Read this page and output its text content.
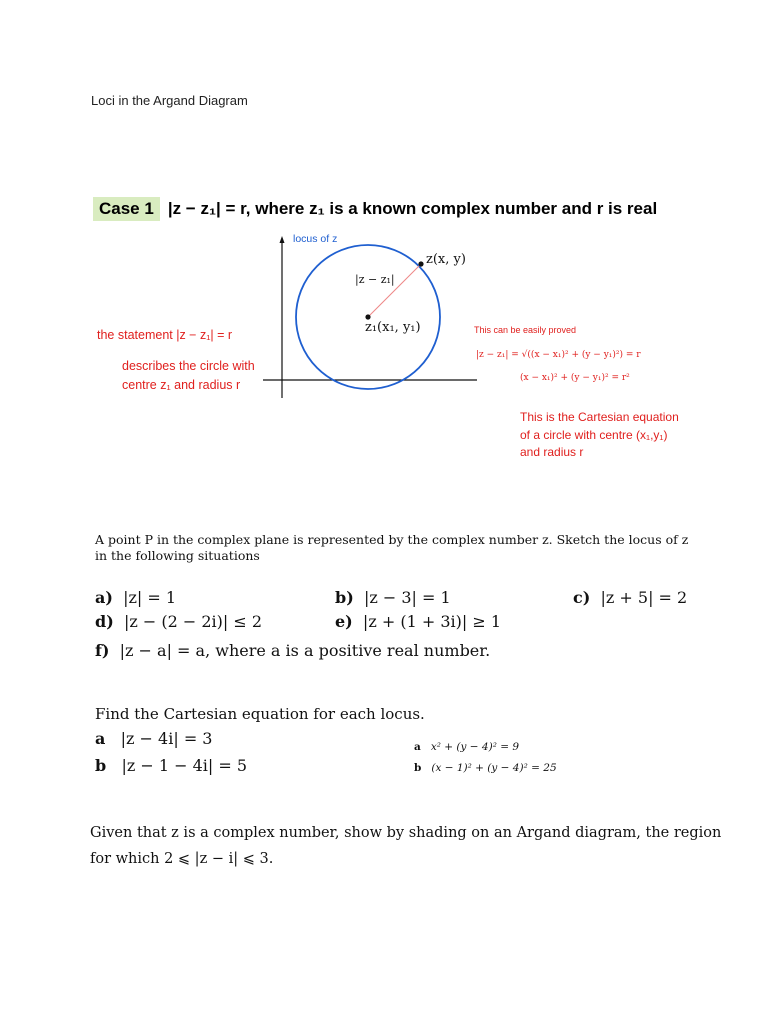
Loci in the Argand Diagram
Case 1 |z − z₁| = r, where z₁ is a known complex number and r is real
locus of z
z(x, y)
|z − z₁|
z₁(x₁, y₁)
the statement |z − z₁| = r
describes the circle with centre z₁ and radius r
This can be easily proved
|z − z₁| = √((x − x₁)² + (y − y₁)²) = r
(x − x₁)² + (y − y₁)² = r²
This is the Cartesian equation of a circle with centre (x₁,y₁) and radius r
A point P in the complex plane is represented by the complex number z. Sketch the locus of z in the following situations
a) |z| = 1	b) |z − 3| = 1	c) |z + 5| = 2
d) |z − (2 − 2i)| ≤ 2	e) |z + (1 + 3i)| ≥ 1
f) |z − a| = a, where a is a positive real number.
Find the Cartesian equation for each locus.
a |z − 4i| = 3
b |z − 1 − 4i| = 5
a x² + (y − 4)² = 9
b (x − 1)² + (y − 4)² = 25
Given that z is a complex number, show by shading on an Argand diagram, the region for which 2 ⩽ |z − i| ⩽ 3.
